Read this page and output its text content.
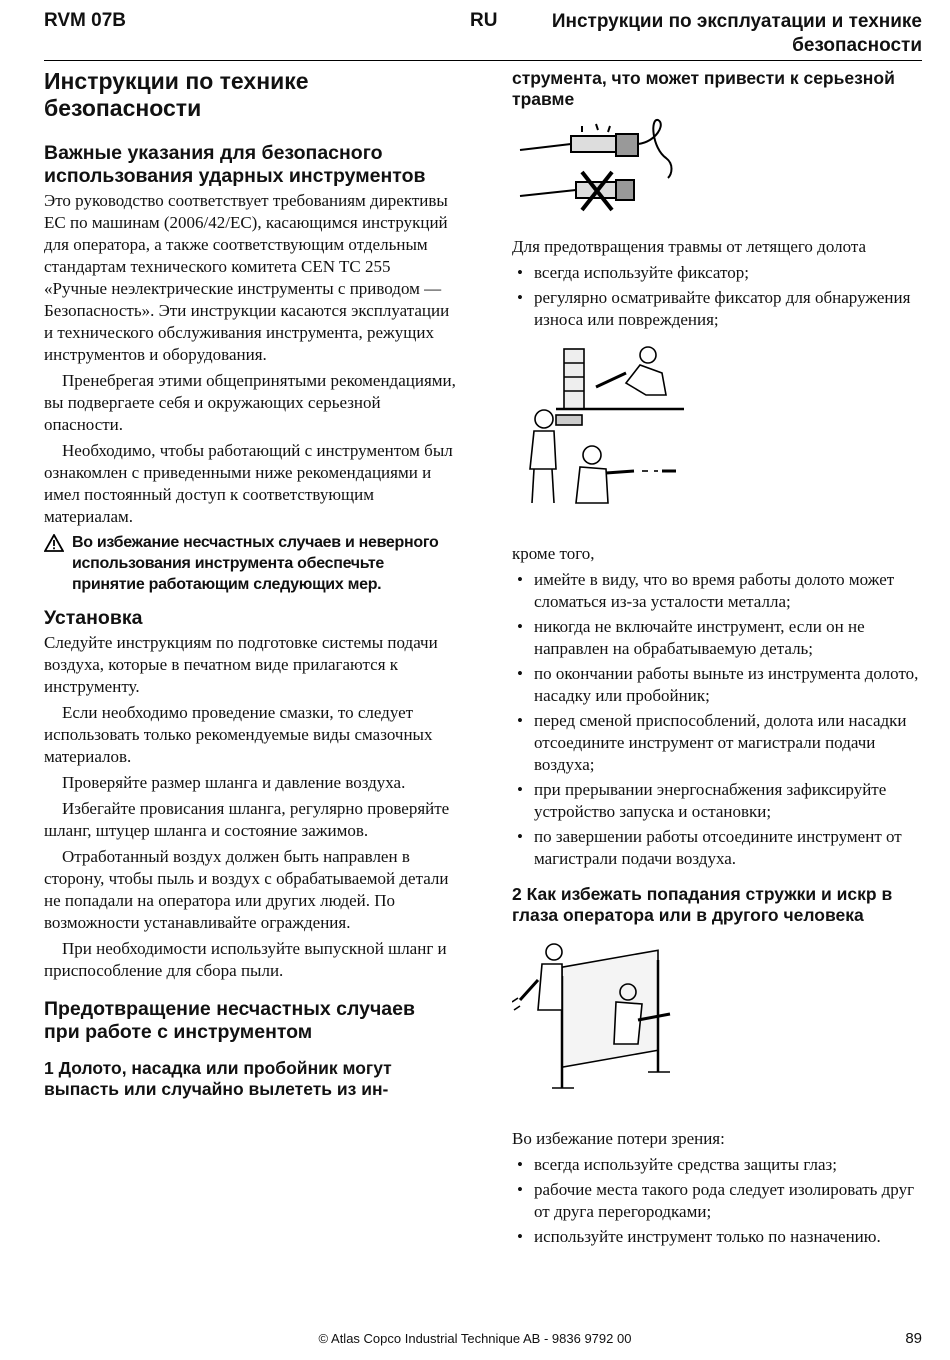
RVM 07B	RU	Инструкции по эксплуатации и технике безопасности
Инструкции по технике безопасности
Важные указания для безопасного использования ударных инструментов

Это руководство соответствует требованиям директивы ЕС по машинам (2006/42/EC), касающимся инструкций для оператора, а также соответствующим отдельным стандартам технического комитета CEN TC 255 «Ручные неэлектрические инструменты с приводом — Безопасность». Эти инструкции касаются эксплуатации и технического обслуживания инструмента, режущих инструментов и оборудования.

Пренебрегая этими общепринятыми рекомендациями, вы подвергаете себя и окружающих серьезной опасности.

Необходимо, чтобы работающий с инструментом был ознакомлен с приведенными ниже рекомендациями и имел постоянный доступ к соответствующим материалам.

Во избежание несчастных случаев и неверного использования инструмента обеспечьте принятие работающим следующих мер.
Установка

Следуйте инструкциям по подготовке системы подачи воздуха, которые в печатном виде прилагаются к инструменту.

Если необходимо проведение смазки, то следует использовать только рекомендуемые виды смазочных материалов.

Проверяйте размер шланга и давление воздуха.

Избегайте провисания шланга, регулярно проверяйте шланг, штуцер шланга и состояние зажимов.

Отработанный воздух должен быть направлен в сторону, чтобы пыль и воздух с обрабатываемой детали не попадали на оператора или других людей. По возможности устанавливайте ограждения.

При необходимости используйте выпускной шланг и приспособление для сбора пыли.

Предотвращение несчастных случаев при работе с инструментом
1 Долото, насадка или пробойник могут выпасть или случайно вылететь из ин-
струмента, что может привести к серьезной травме

Для предотвращения травмы от летящего долота

• всегда используйте фиксатор;
• регулярно осматривайте фиксатор для обнаружения износа или повреждения;

кроме того,

• имейте в виду, что во время работы долото может сломаться из-за усталости металла;
• никогда не включайте инструмент, если он не направлен на обрабатываемую деталь;
• по окончании работы выньте из инструмента долото, насадку или пробойник;
• перед сменой приспособлений, долота или насадки отсоедините инструмент от магистрали подачи воздуха;
• при прерывании энергоснабжения зафиксируйте устройство запуска и остановки;
• по завершении работы отсоедините инструмент от магистрали подачи воздуха.
2 Как избежать попадания стружки и искр в глаза оператора или в другого человека

Во избежание потери зрения:

• всегда используйте средства защиты глаз;
• рабочие места такого рода следует изолировать друг от друга перегородками;
• используйте инструмент только по назначению.
© Atlas Copco Industrial Technique AB - 9836 9792 00	89
